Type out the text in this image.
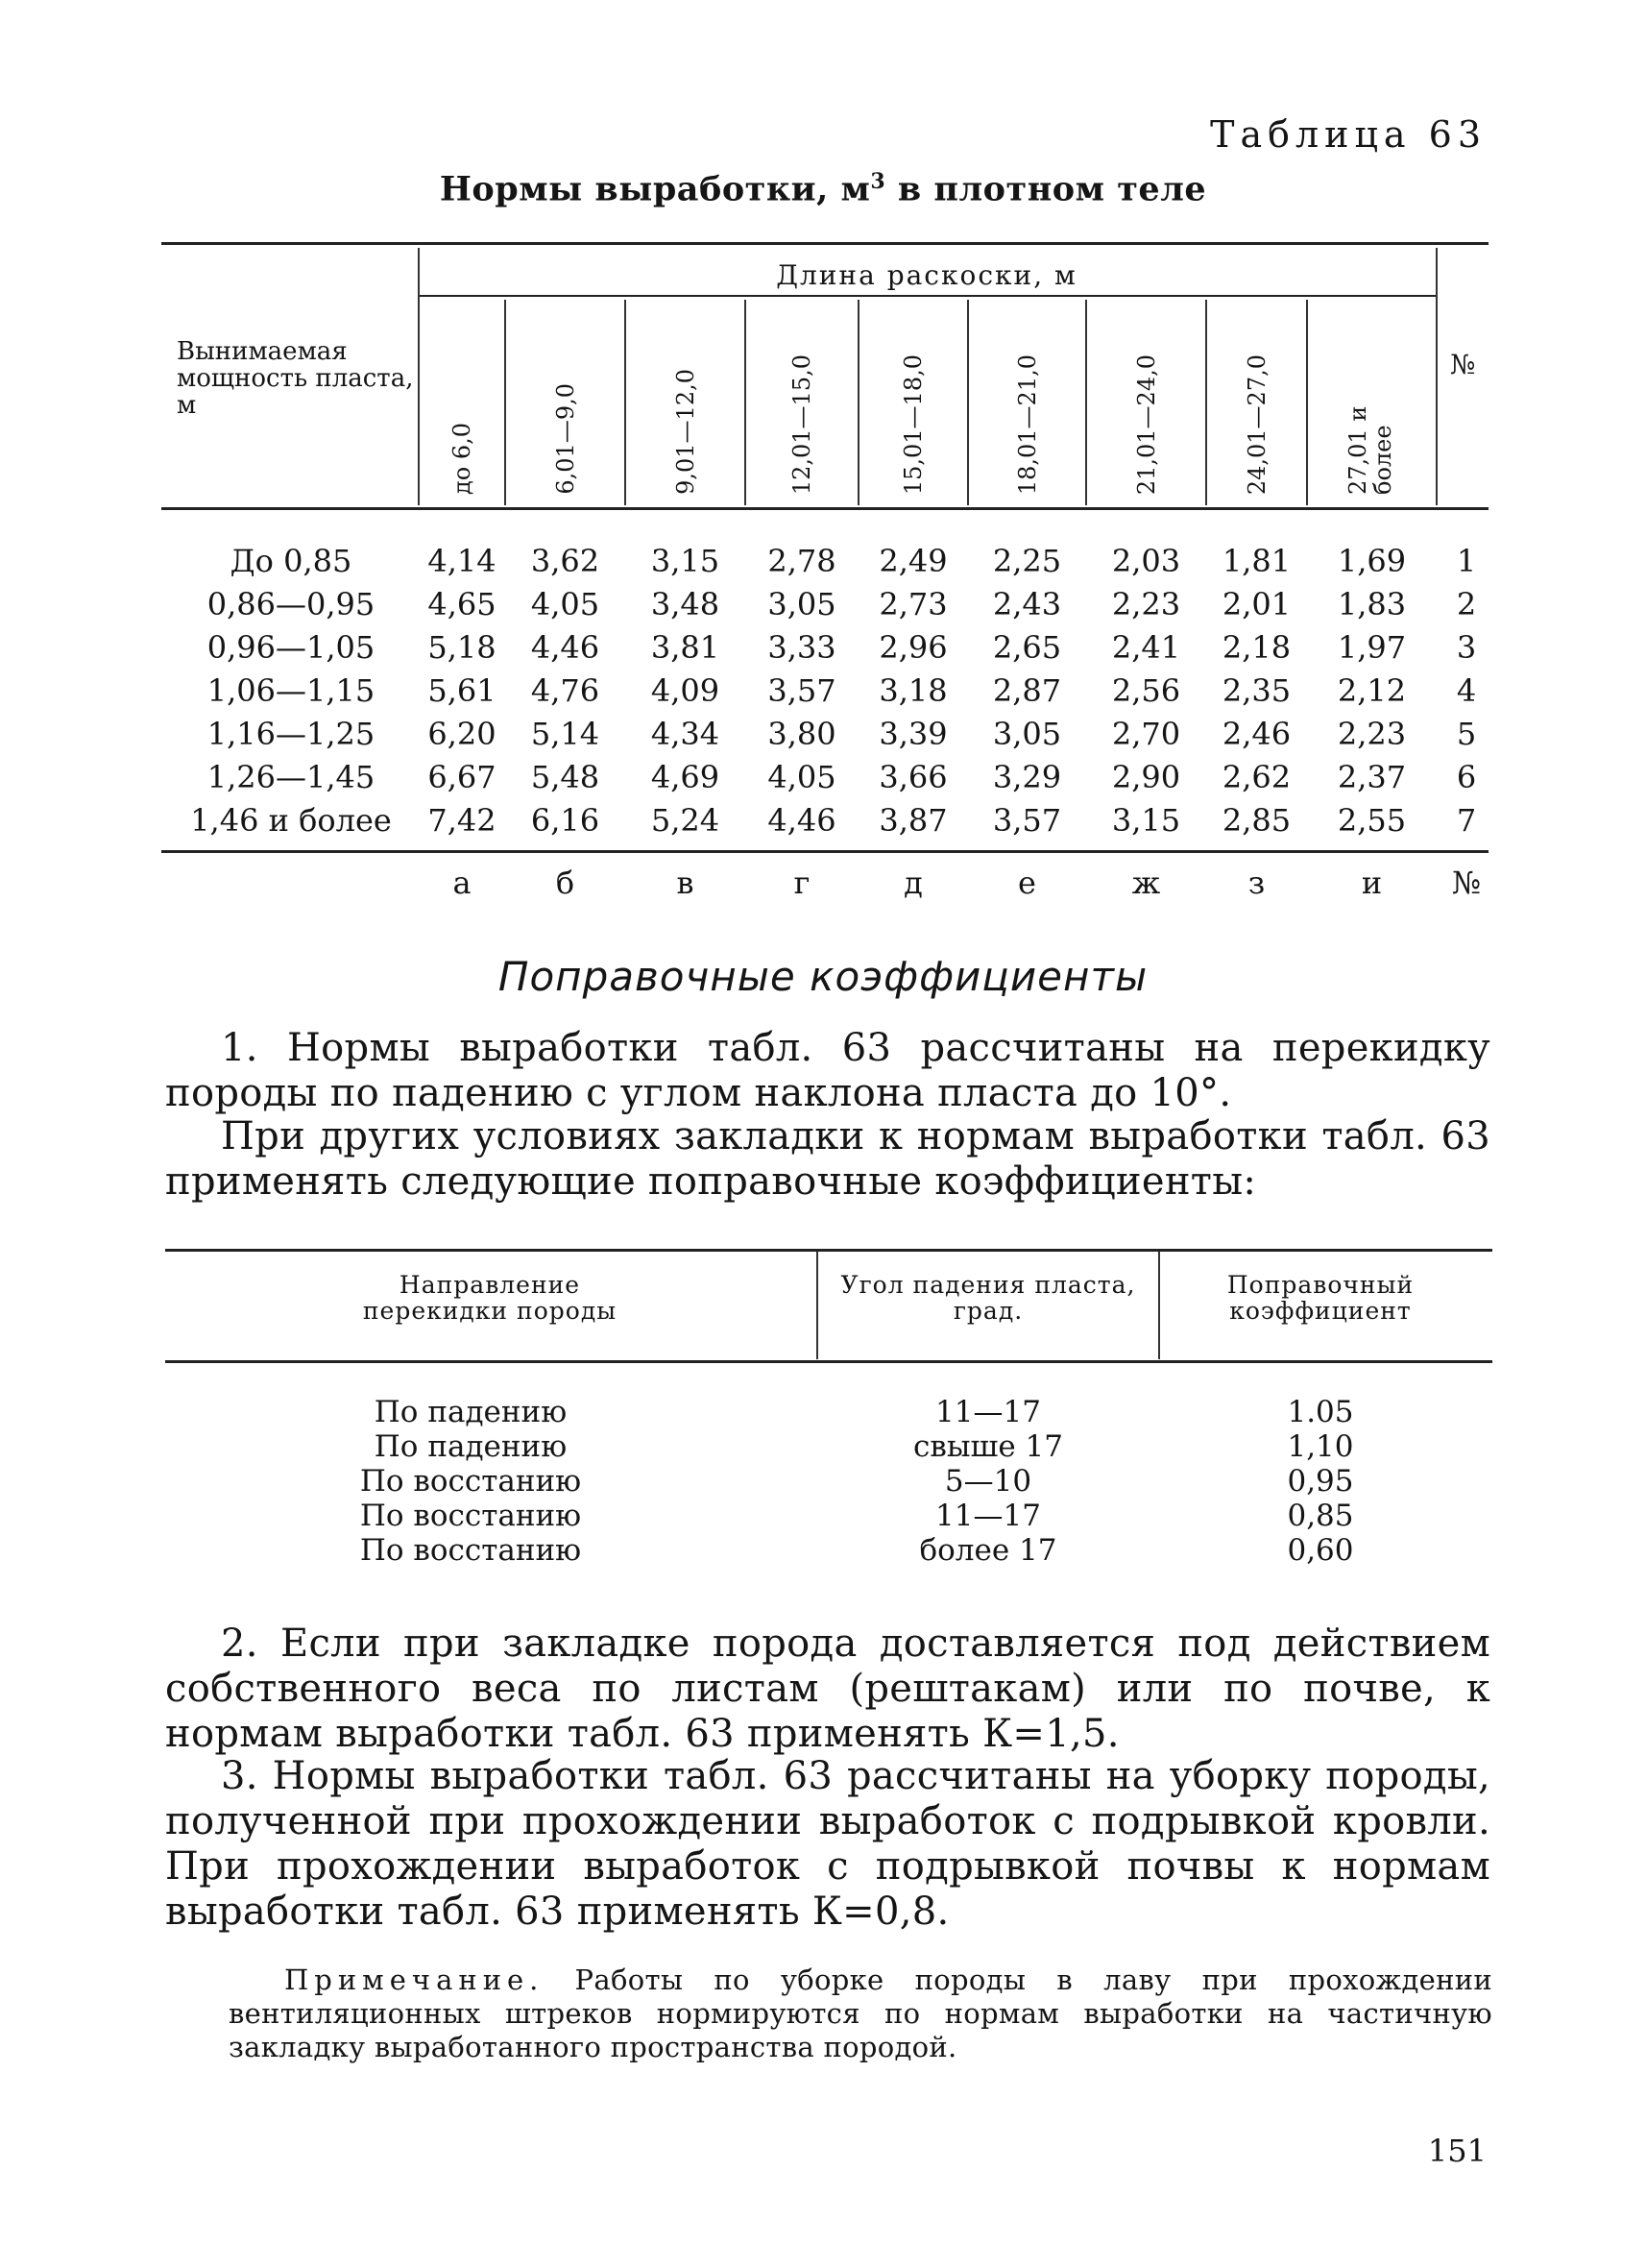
Таблица 63
Нормы выработки, $м^3$ в плотном теле
Вынимаемая мощность пласта, м
Длина раскоски, м
№
до 6,0	6,01—9,0	9,01—12,0	12,01—15,0	15,01—18,0	18,01—21,0	21,01—24,0	24,01—27,0	27,01 и более
До 0,85	4,14	3,62	3,15	2,78	2,49	2,25	2,03	1,81	1,69	1
0,86—0,95	4,65	4,05	3,48	3,05	2,73	2,43	2,23	2,01	1,83	2
0,96—1,05	5,18	4,46	3,81	3,33	2,96	2,65	2,41	2,18	1,97	3
1,06—1,15	5,61	4,76	4,09	3,57	3,18	2,87	2,56	2,35	2,12	4
1,16—1,25	6,20	5,14	4,34	3,80	3,39	3,05	2,70	2,46	2,23	5
1,26—1,45	6,67	5,48	4,69	4,05	3,66	3,29	2,90	2,62	2,37	6
1,46 и более	7,42	6,16	5,24	4,46	3,87	3,57	3,15	2,85	2,55	7
а	б	в	г	д	е	ж	з	и	№
Поправочные коэффициенты
1. Нормы выработки табл. 63 рассчитаны на перекидку породы по падению с углом наклона пласта до 10°.
При других условиях закладки к нормам выработки табл. 63 применять следующие поправочные коэффициенты:
Направление перекидки породы
Угол падения пласта, град.
Поправочный коэффициент
По падению	11—17	1.05
По падению	свыше 17	1,10
По восстанию	5—10	0,95
По восстанию	11—17	0,85
По восстанию	более 17	0,60
2. Если при закладке порода доставляется под действием собственного веса по листам (рештакам) или по почве, к нормам выработки табл. 63 применять К=1,5.
3. Нормы выработки табл. 63 рассчитаны на уборку породы, полученной при прохождении выработок с подрывкой кровли. При прохождении выработок с подрывкой почвы к нормам выработки табл. 63 применять К=0,8.
Примечание. Работы по уборке породы в лаву при прохождении вентиляционных штреков нормируются по нормам выработки на частичную закладку выработанного пространства породой.
151
